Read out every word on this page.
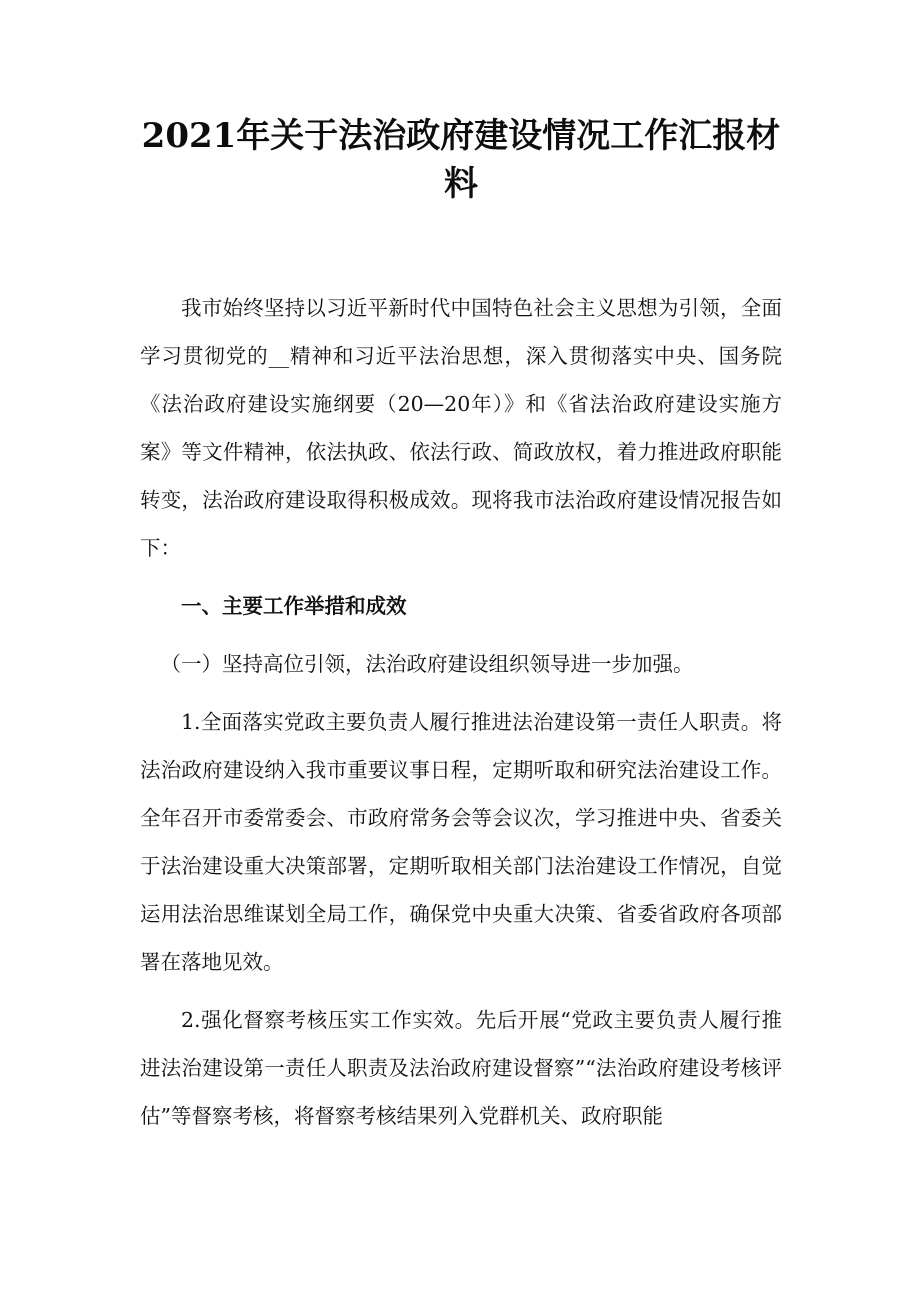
2021年关于法治政府建设情况工作汇报材料

我市始终坚持以习近平新时代中国特色社会主义思想为引领，全面学习贯彻党的__精神和习近平法治思想，深入贯彻落实中央、国务院《法治政府建设实施纲要（20—20年）》和《省法治政府建设实施方案》等文件精神，依法执政、依法行政、简政放权，着力推进政府职能转变，法治政府建设取得积极成效。现将我市法治政府建设情况报告如下：

一、主要工作举措和成效

（一）坚持高位引领，法治政府建设组织领导进一步加强。

1.全面落实党政主要负责人履行推进法治建设第一责任人职责。将法治政府建设纳入我市重要议事日程，定期听取和研究法治建设工作。全年召开市委常委会、市政府常务会等会议次，学习推进中央、省委关于法治建设重大决策部署，定期听取相关部门法治建设工作情况，自觉运用法治思维谋划全局工作，确保党中央重大决策、省委省政府各项部署在落地见效。

2.强化督察考核压实工作实效。先后开展“党政主要负责人履行推进法治建设第一责任人职责及法治政府建设督察”“法治政府建设考核评估”等督察考核，将督察考核结果列入党群机关、政府职能
